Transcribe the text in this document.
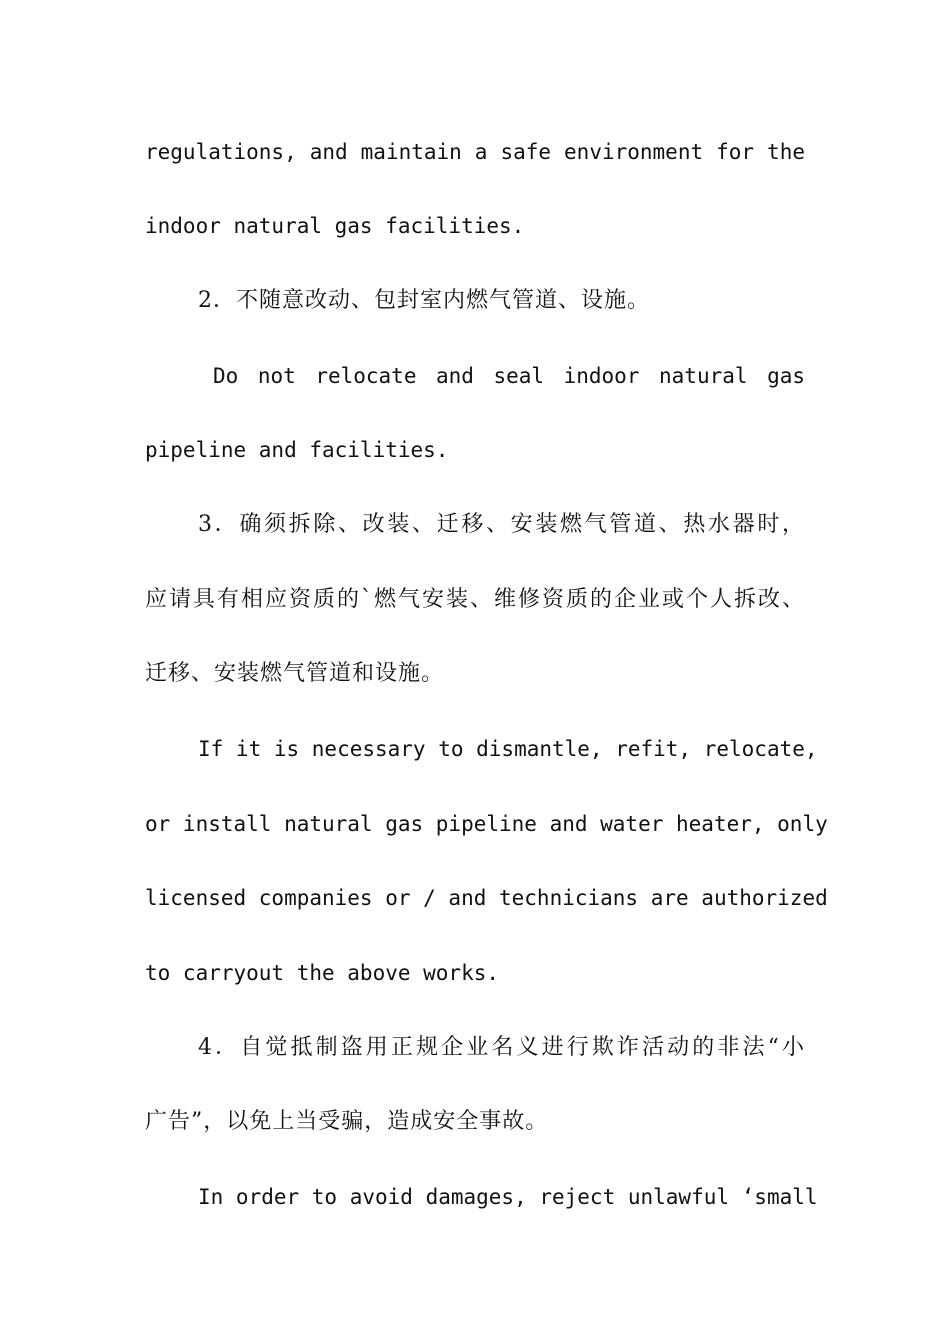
regulations, and maintain a safe environment for the
indoor natural gas facilities.
2．不随意改动、包封室内燃气管道、设施。
Do not relocate and seal indoor natural gas
pipeline and facilities.
3．确须拆除、改装、迁移、安装燃气管道、热水器时，
应请具有相应资质的`燃气安装、维修资质的企业或个人拆改、
迁移、安装燃气管道和设施。
If it is necessary to dismantle, refit, relocate,
or install natural gas pipeline and water heater, only
licensed companies or / and technicians are authorized
to carryout the above works.
4．自觉抵制盗用正规企业名义进行欺诈活动的非法“小
广告”，以免上当受骗，造成安全事故。
In order to avoid damages, reject unlawful ‘small
